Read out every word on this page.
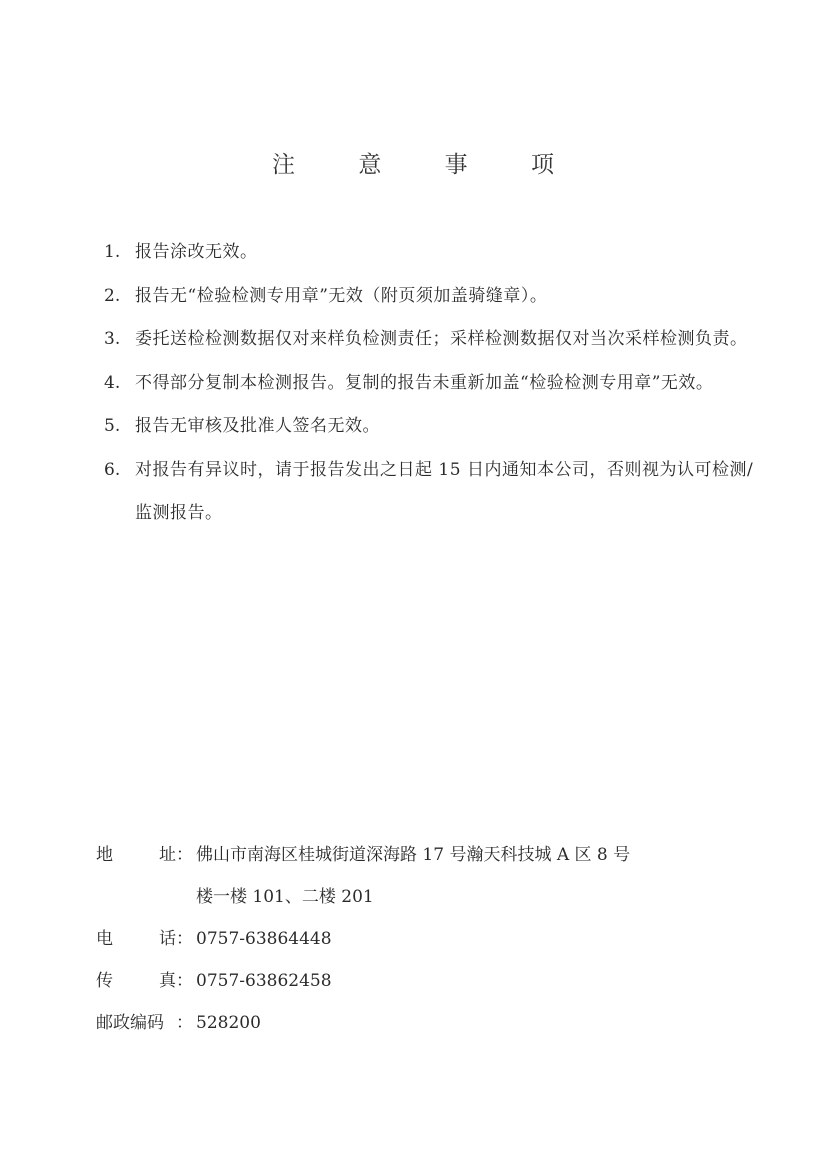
注 意 事 项
1. 报告涂改无效。
2. 报告无“检验检测专用章”无效（附页须加盖骑缝章）。
3. 委托送检检测数据仅对来样负检测责任；采样检测数据仅对当次采样检测负责。
4. 不得部分复制本检测报告。复制的报告未重新加盖“检验检测专用章”无效。
5. 报告无审核及批准人签名无效。
6. 对报告有异议时，请于报告发出之日起 15 日内通知本公司，否则视为认可检测/监测报告。
地	址 ： 佛山市南海区桂城街道深海路 17 号瀚天科技城 A 区 8 号
楼一楼 101、二楼 201
电	话 ： 0757-63864448
传	真 ： 0757-63862458
邮政编码 ： 528200
